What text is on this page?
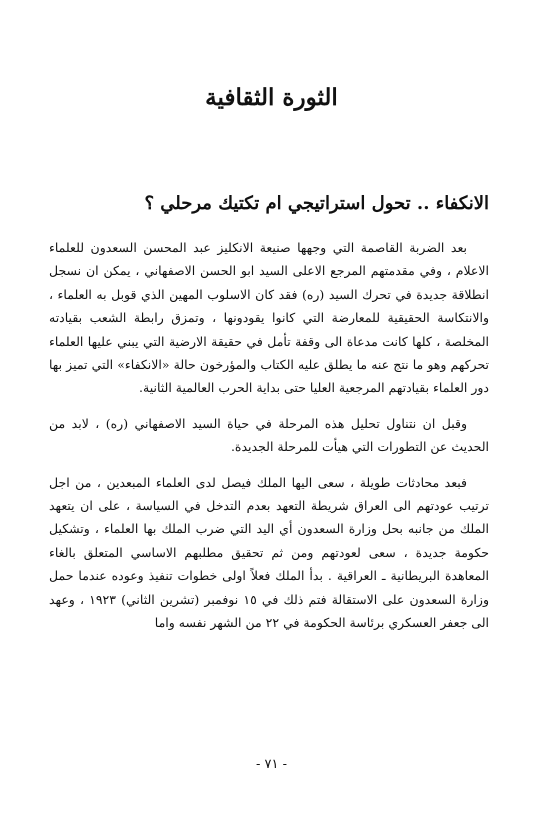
الثورة الثقافية
الانكفاء .. تحول استراتيجي ام تكتيك مرحلي ؟

بعد الضربة القاصمة التي وجهها صنيعة الانكليز عبد المحسن السعدون للعلماء الاعلام ، وفي مقدمتهم المرجع الاعلى السيد ابو الحسن الاصفهاني ، يمكن ان نسجل انطلاقة جديدة في تحرك السيد (ره) فقد كان الاسلوب المهين الذي قوبل به العلماء ، والانتكاسة الحقيقية للمعارضة التي كانوا يقودونها ، وتمزق رابطة الشعب بقيادته المخلصة ، كلها كانت مدعاة الى وقفة تأمل في حقيقة الارضية التي يبني عليها العلماء تحركهم وهو ما نتج عنه ما يطلق عليه الكتاب والمؤرخون حالة «الانكفاء» التي تميز بها دور العلماء بقيادتهم المرجعية العليا حتى بداية الحرب العالمية الثانية.

وقبل ان نتناول تحليل هذه المرحلة في حياة السيد الاصفهاني (ره) ، لابد من الحديث عن التطورات التي هيأت للمرحلة الجديدة.

فبعد محادثات طويلة ، سعى اليها الملك فيصل لدى العلماء المبعدين ، من اجل ترتيب عودتهم الى العراق شريطة التعهد بعدم التدخل في السياسة ، على ان يتعهد الملك من جانبه بحل وزارة السعدون أي اليد التي ضرب الملك بها العلماء ، وتشكيل حكومة جديدة ، سعى لعودتهم ومن ثم تحقيق مطلبهم الاساسي المتعلق بالغاء المعاهدة البريطانية ـ العراقية . بدأ الملك فعلاً اولى خطوات تنفيذ وعوده عندما حمل وزارة السعدون على الاستقالة فتم ذلك في ١٥ نوفمبر (تشرين الثاني) ١٩٢٣ ، وعهد الى جعفر العسكري برئاسة الحكومة في ٢٢ من الشهر نفسه واما

- ٧١ -
